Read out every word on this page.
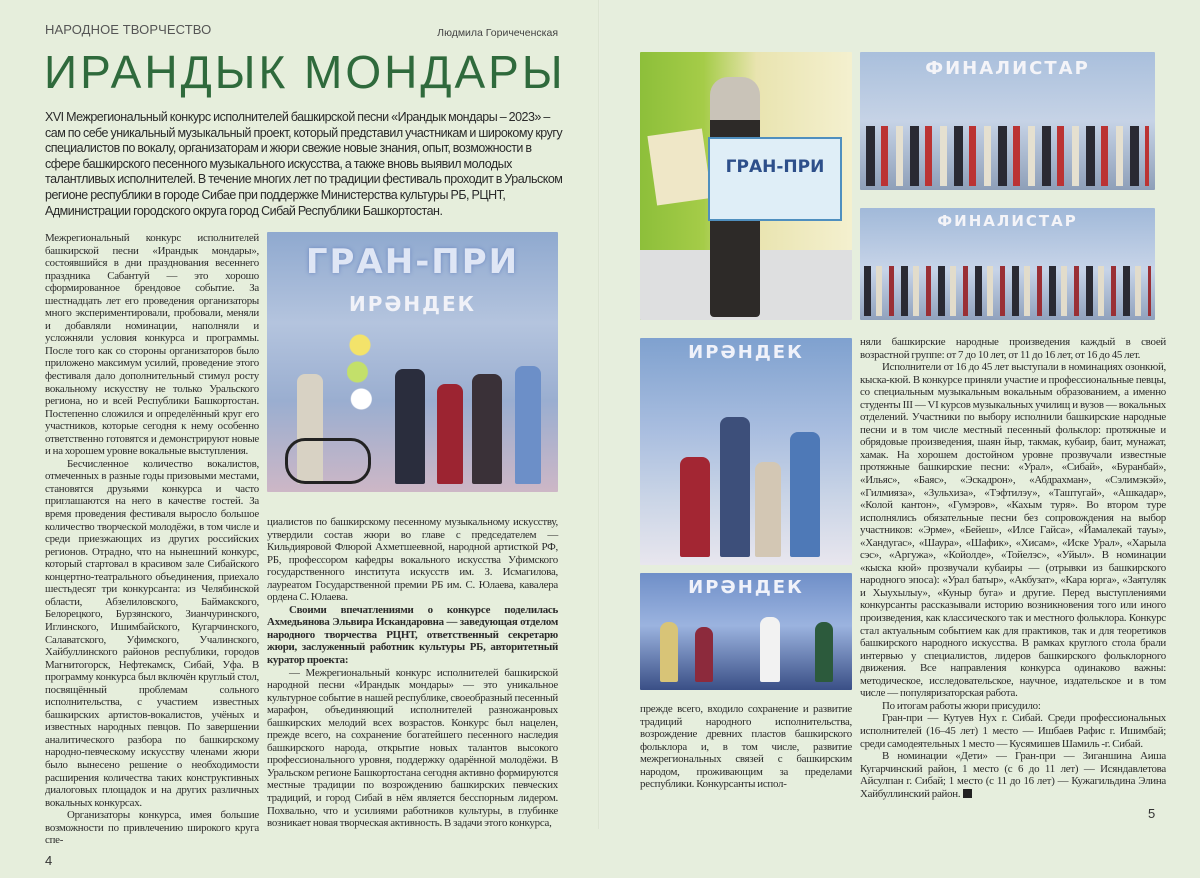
НАРОДНОЕ ТВОРЧЕСТВО	Людмила Горичеченская
ИРАНДЫК МОНДАРЫ
XVI Межрегиональный конкурс исполнителей башкирской песни «Ирандык мондары – 2023» – сам по себе уникальный музыкальный проект, который представил участникам и широкому кругу специалистов по вокалу, организаторам и жюри свежие новые знания, опыт, возможности в сфере башкирского песенного музыкального искусства, а также вновь выявил молодых талантливых исполнителей. В течение многих лет по традиции фестиваль проходит в Уральском регионе республики в городе Сибае при поддержке Министерства культуры РБ, РЦНТ, Администрации городского округа город Сибай Республики Башкортостан.

Межрегиональный конкурс исполнителей башкирской песни «Ирандык мондары», состоявшийся в дни празднования весеннего праздника Сабантуй — это хорошо сформированное брендовое событие. За шестнадцать лет его проведения организаторы много экспериментировали, пробовали, меняли и добавляли номинации, наполняли и усложняли условия конкурса и программы. После того как со стороны организаторов было приложено максимум усилий, проведение этого фестиваля дало дополнительный стимул росту вокальному искусству не только Уральского региона, но и всей Республики Башкортостан. Постепенно сложился и определённый круг его участников, которые сегодня к нему особенно ответственно готовятся и демонстрируют новые и на хорошем уровне вокальные выступления.

Бесчисленное количество вокалистов, отмеченных в разные годы призовыми местами, становятся друзьями конкурса и часто приглашаются на него в качестве гостей. За время проведения фестиваля выросло большое количество творческой молодёжи, в том числе и среди приезжающих из других российских регионов. Отрадно, что на нынешний конкурс, который стартовал в красивом зале Сибайского концертно-театрального объединения, приехало шестьдесят три конкурсанта: из Челябинской области, Абзелиловского, Баймакского, Белорецкого, Бурзянского, Зианчуринского, Иглинского, Ишимбайского, Кугарчинского, Салаватского, Уфимского, Учалинского, Хайбуллинского районов республики, городов Магнитогорск, Нефтекамск, Сибай, Уфа. В программу конкурса был включён круглый стол, посвящённый проблемам сольного исполнительства, с участием известных башкирских артистов-вокалистов, учёных и известных народных певцов. По завершении аналитического разбора по башкирскому народно-певческому искусству членами жюри было вынесено решение о необходимости расширения количества таких конструктивных диалоговых площадок и на других различных вокальных конкурсах.

Организаторы конкурса, имея большие возможности по привлечению широкого круга спе-

ГРАН-ПРИ
ИРӘНДЕК

циалистов по башкирскому песенному музыкальному искусству, утвердили состав жюри во главе с председателем — Кильдияровой Флюрой Ахметшеевной, народной артисткой РФ, РБ, профессором кафедры вокального искусства Уфимского государственного института искусств им. З. Исмагилова, лауреатом Государственной премии РБ им. С. Юлаева, кавалера ордена С. Юлаева.

Своими впечатлениями о конкурсе поделилась Ахмедьянова Эльвира Искандаровна — заведующая отделом народного творчества РЦНТ, ответственный секретарю жюри, заслуженный работник культуры РБ, авторитетный куратор проекта:

— Межрегиональный конкурс исполнителей башкирской народной песни «Ирандык мондары» — это уникальное культурное событие в нашей республике, своеобразный песенный марафон, объединяющий исполнителей разножанровых башкирских мелодий всех возрастов. Конкурс был нацелен, прежде всего, на сохранение богатейшего песенного наследия башкирского народа, открытие новых талантов высокого профессионального уровня, поддержку одарённой молодёжи. В Уральском регионе Башкортостана сегодня активно формируются местные традиции по возрождению башкирских певческих традиций, и город Сибай в нём является бесспорным лидером. Похвально, что и усилиями работников культуры, в глубинке возникает новая творческая активность. В задачи этого конкурса,

4
ГРАН-ПРИ
ФИНАЛИСТАР
ФИНАЛИСТАР
ИРӘНДЕК
ИРӘНДЕК

прежде всего, входило сохранение и развитие традиций народного исполнительства, возрождение древних пластов башкирского фольклора и, в том числе, развитие межрегиональных связей с башкирским народом, проживающим за пределами республики. Конкурсанты испол-

няли башкирские народные произведения каждый в своей возрастной группе: от 7 до 10 лет, от 11 до 16 лет, от 16 до 45 лет.

Исполнители от 16 до 45 лет выступали в номинациях озонкюй, кыска-кюй. В конкурсе приняли участие и профессиональные певцы, со специальным музыкальным вокальным образованием, а именно студенты III — VI курсов музыкальных училищ и вузов — вокальных отделений. Участники по выбору исполнили башкирские народные песни и в том числе местный песенный фольклор: протяжные и обрядовые произведения, шаян йыр, такмак, кубаир, баит, мунажат, хамак. На хорошем достойном уровне прозвучали известные протяжные башкирские песни: «Урал», «Сибай», «Буранбай», «Ильяс», «Баяс», «Эскадрон», «Абдрахман», «Сэлимэкэй», «Гилмияза», «Зульхиза», «Тэфтилэу», «Таштугай», «Ашкадар», «Колой кантон», «Гумэров», «Кахым туря». Во втором туре исполнялись обязательные песни без сопровождения на выбор участников: «Эрме», «Бейеш», «Илсе Гайса», «Йамалекай тауы», «Хандугас», «Шаура», «Шафик», «Хисам», «Иске Урал», «Харыла сэс», «Аргужа», «Койолде», «Тойелэс», «Уйыл». В номинации «кыска кюй» прозвучали кубаиры — (отрывки из башкирского народного эпоса): «Урал батыр», «Акбузат», «Кара юрга», «Заятуляк и Хыухылыу», «Куныр буга» и другие. Перед выступлениями конкурсанты рассказывали историю возникновения того или иного произведения, как классического так и местного фольклора. Конкурс стал актуальным событием как для практиков, так и для теоретиков башкирского народного искусства. В рамках круглого стола брали интервью у специалистов, лидеров башкирского фольклорного движения. Все направления конкурса одинаково важны: методическое, исследовательское, научное, издательское и в том числе — популяризаторская работа.

По итогам работы жюри присудило:

Гран-при — Кутуев Нух г. Сибай. Среди профессиональных исполнителей (16–45 лет) 1 место — Ишбаев Рафис г. Ишимбай; среди самодеятельных 1 место — Кусямишев Шамиль -г. Сибай.

В номинации «Дети» — Гран-при — Зиганшина Аиша Кугарчинский район, 1 место (с 6 до 11 лет) — Исяндавлетова Айсулпан г. Сибай; 1 место (с 11 до 16 лет) — Кужагильдина Элина Хайбуллинский район.

5
